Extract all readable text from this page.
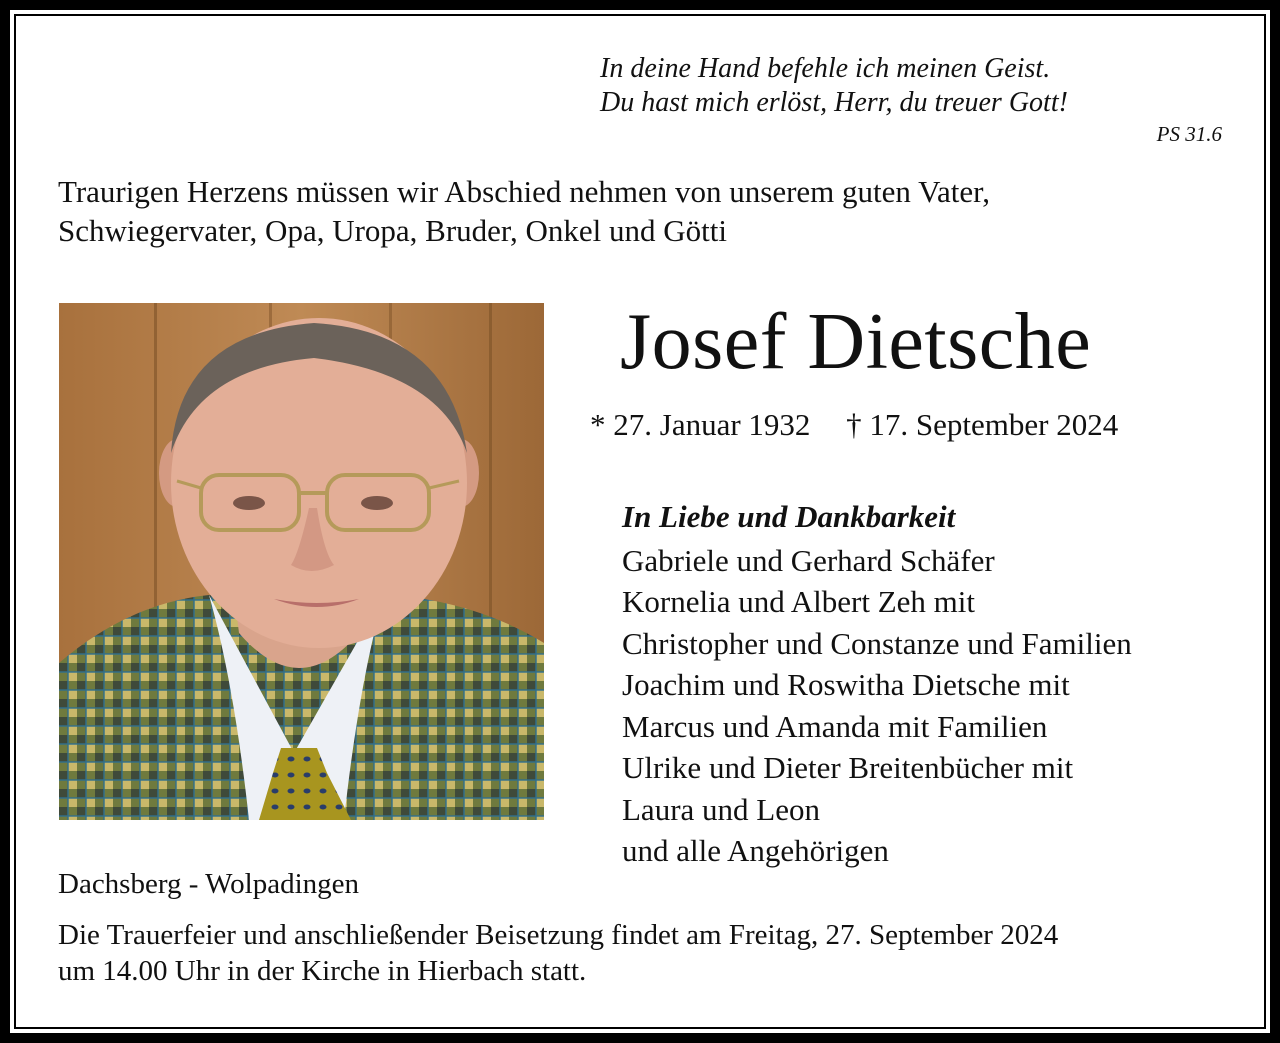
In deine Hand befehle ich meinen Geist.
Du hast mich erlöst, Herr, du treuer Gott!
PS 31.6
Traurigen Herzens müssen wir Abschied nehmen von unserem guten Vater,
Schwiegervater, Opa, Uropa, Bruder, Onkel und Götti
Josef Dietsche
* 27. Januar 1932 † 17. September 2024
In Liebe und Dankbarkeit
Gabriele und Gerhard Schäfer
Kornelia und Albert Zeh mit
Christopher und Constanze und Familien
Joachim und Roswitha Dietsche mit
Marcus und Amanda mit Familien
Ulrike und Dieter Breitenbücher mit
Laura und Leon
und alle Angehörigen
Dachsberg - Wolpadingen
Die Trauerfeier und anschließender Beisetzung findet am Freitag, 27. September 2024
um 14.00 Uhr in der Kirche in Hierbach statt.
